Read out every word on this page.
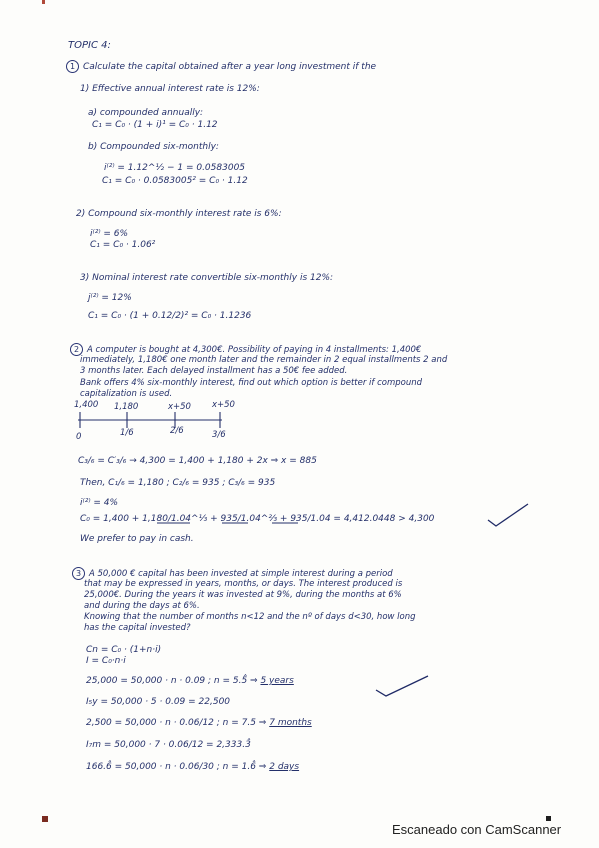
TOPIC 4:
1 Calculate the capital obtained after a year long investment if the
1) Effective annual interest rate is 12%:
a) compounded annually:
C₁ = C₀ · (1 + i)¹ = C₀ · 1.12
b) Compounded six-monthly:
i⁽²⁾ = 1.12^½ − 1 = 0.0583005
C₁ = C₀ · 0.0583005² = C₀ · 1.12
2) Compound six-monthly interest rate is 6%:
i⁽²⁾ = 6%
C₁ = C₀ · 1.06²
3) Nominal interest rate convertible six-monthly is 12%:
j⁽²⁾ = 12%
C₁ = C₀ · (1 + 0.12/2)² = C₀ · 1.1236
2 A computer is bought at 4,300€. Possibility of paying in 4 installments: 1,400€
immediately, 1,180€ one month later and the remainder in 2 equal installments 2 and
3 months later. Each delayed installment has a 50€ fee added.
Bank offers 4% six-monthly interest, find out which option is better if compound
capitalization is used.
1,400 1,180	x+50 x+50
0	1/6	2/6	3/6
C₃/₆ = C′₃/₆ → 4,300 = 1,400 + 1,180 + 2x ⇒ x = 885
Then, C₁/₆ = 1,180 ; C₂/₆ = 935 ; C₃/₆ = 935
i⁽²⁾ = 4%
C₀ = 1,400 + 1,180/1.04^⅓ + 935/1.04^⅔ + 935/1.04 = 4,412.0448 > 4,300
We prefer to pay in cash.
3 A 50,000 € capital has been invested at simple interest during a period
that may be expressed in years, months, or days. The interest produced is
25,000€. During the years it was invested at 9%, during the months at 6%
and during the days at 6%.
Knowing that the number of months n<12 and the nº of days d<30, how long
has the capital invested?
Cn = C₀ · (1+n·i)
I = C₀·n·i
25,000 = 50,000 · n · 0.09 ; n = 5.5̂ ⇒ 5 years
I₅y = 50,000 · 5 · 0.09 = 22,500
2,500 = 50,000 · n · 0.06/12 ; n = 7.5 ⇒ 7 months
I₇m = 50,000 · 7 · 0.06/12 = 2,333.3̂
166.6̂ = 50,000 · n · 0.06/30 ; n = 1.6̂ ⇒ 2 days
Escaneado con CamScanner
